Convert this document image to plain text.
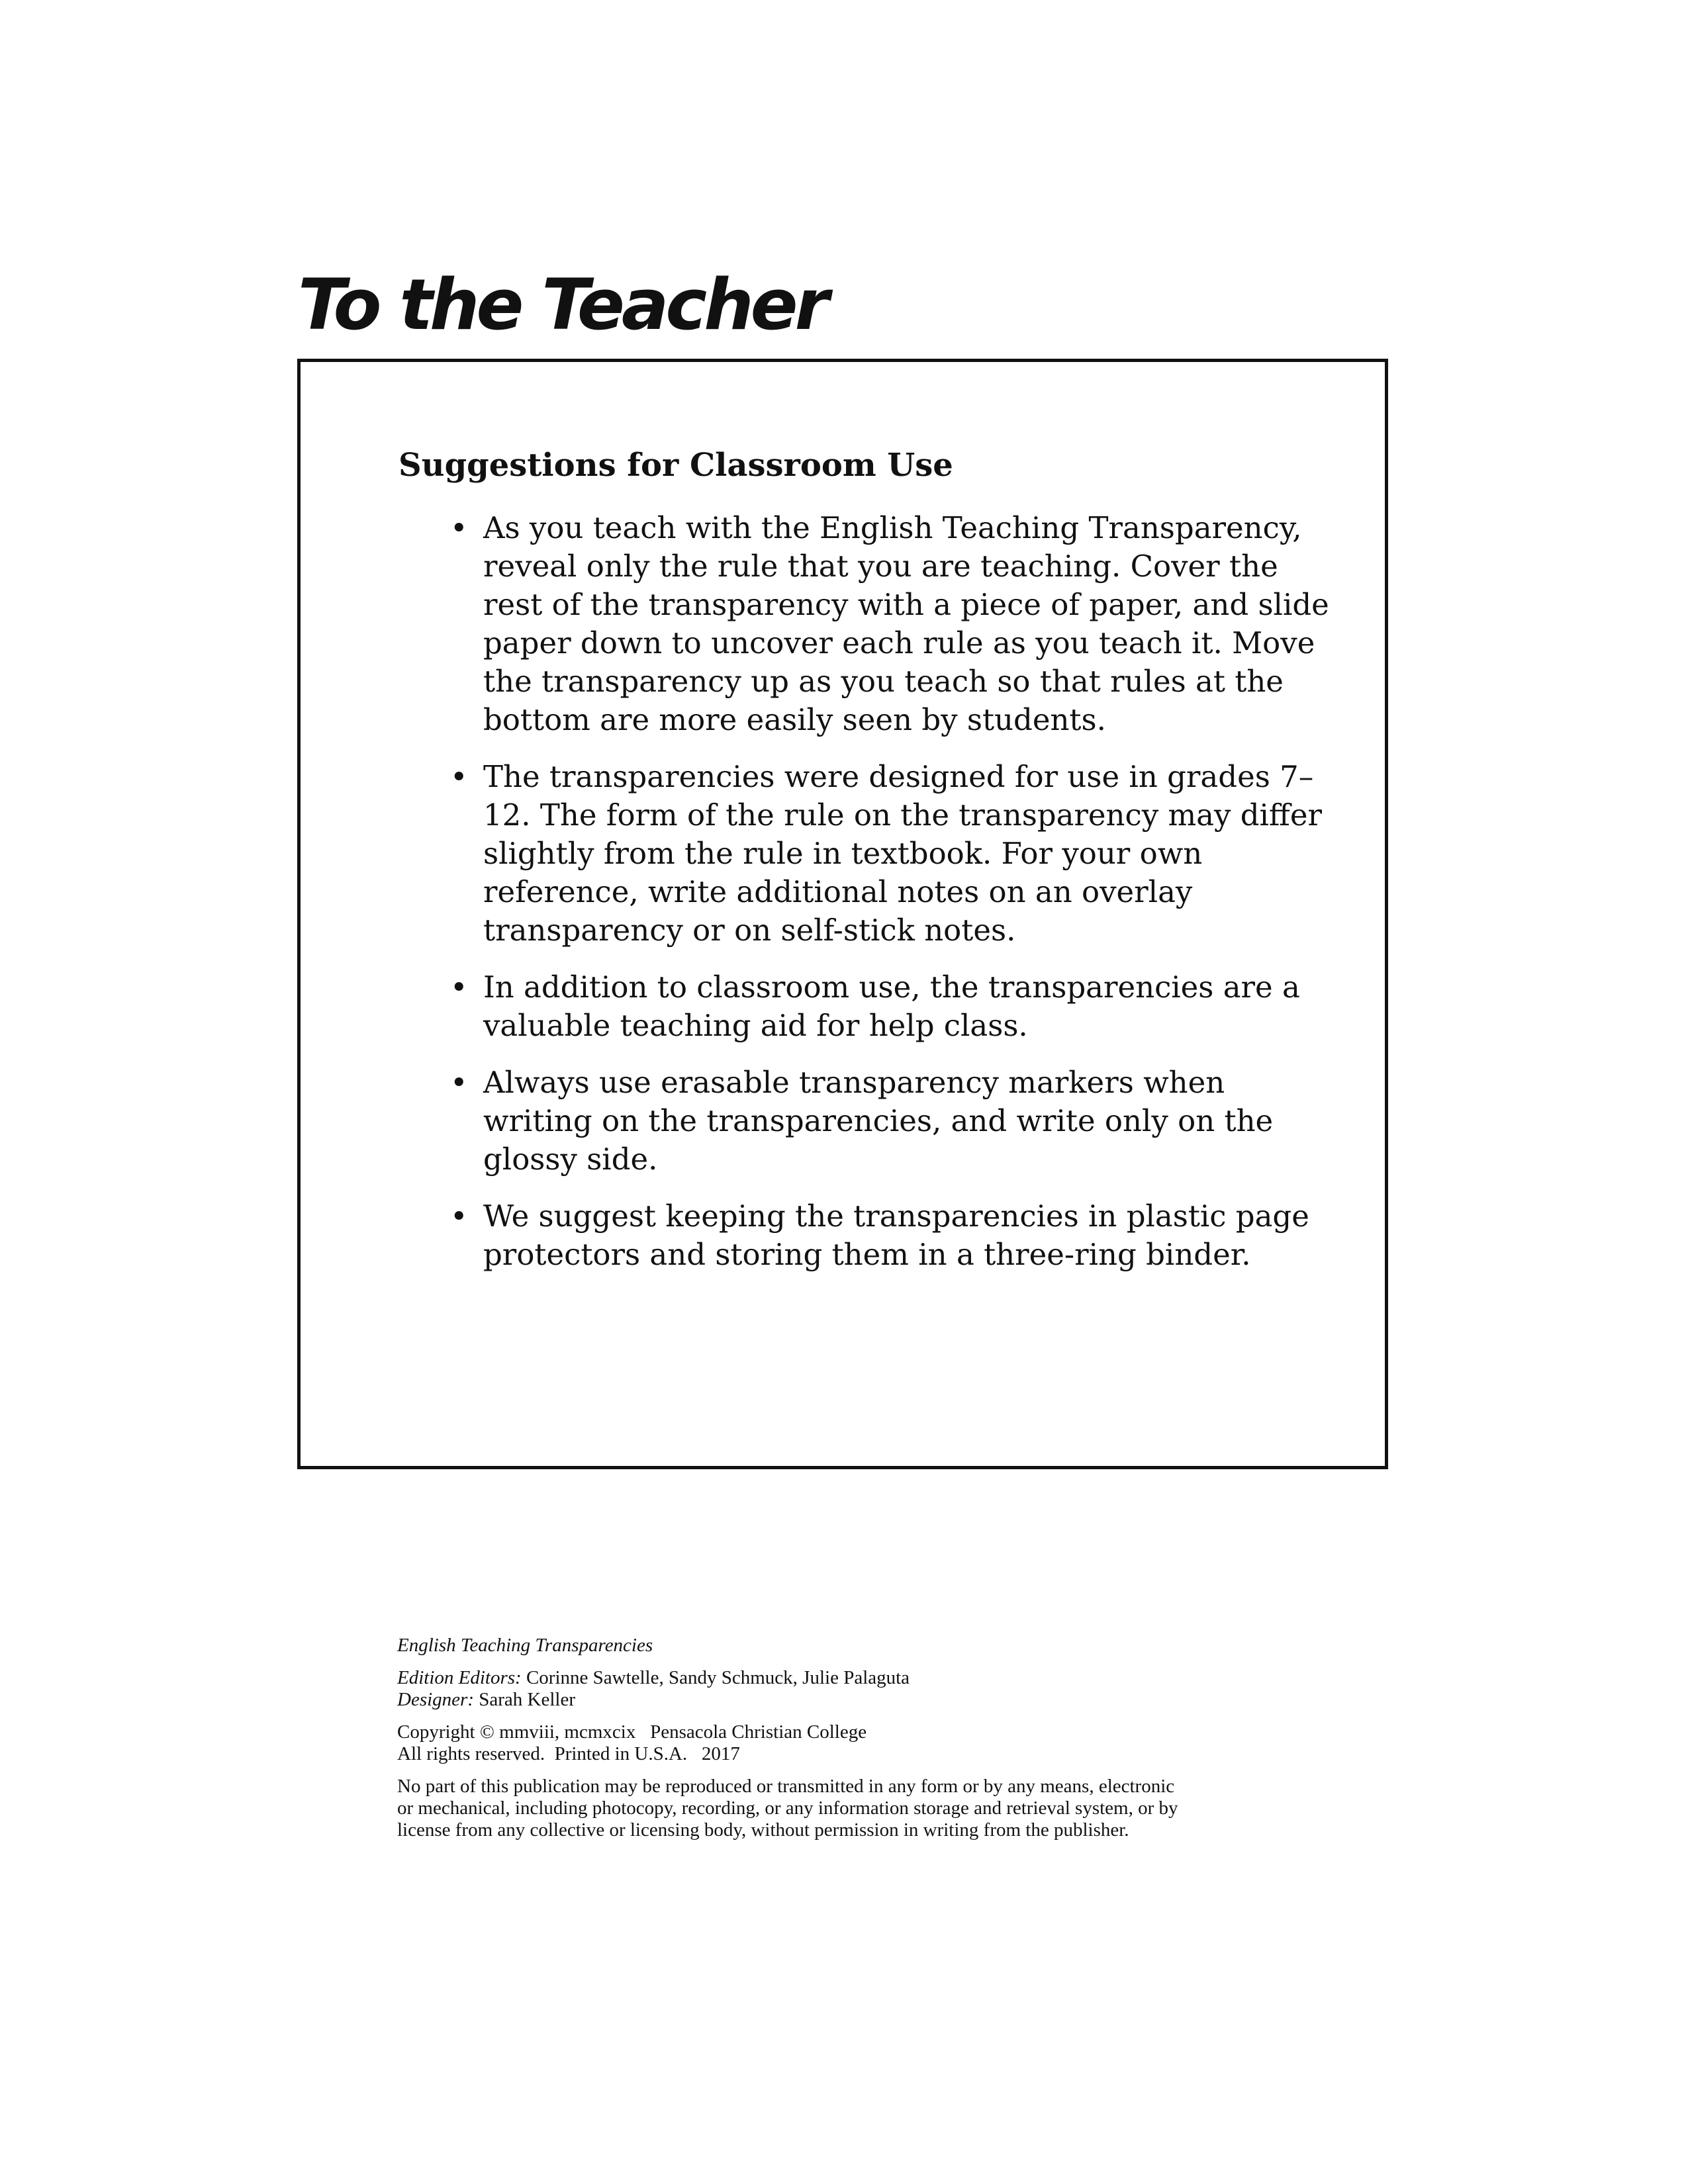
To the Teacher
Suggestions for Classroom Use
• As you teach with the English Teaching Transparency, reveal only the rule that you are teaching. Cover the rest of the transparency with a piece of paper, and slide paper down to uncover each rule as you teach it. Move the transparency up as you teach so that rules at the bottom are more easily seen by students.
• The transparencies were designed for use in grades 7–12. The form of the rule on the transparency may differ slightly from the rule in textbook. For your own reference, write additional notes on an overlay transparency or on self-stick notes.
• In addition to classroom use, the transparencies are a valuable teaching aid for help class.
• Always use erasable transparency markers when writing on the transparencies, and write only on the glossy side.
• We suggest keeping the transparencies in plastic page protectors and storing them in a three-ring binder.

English Teaching Transparencies

Edition Editors: Corinne Sawtelle, Sandy Schmuck, Julie Palaguta

Designer: Sarah Keller

Copyright © mmviii, mcmxcix   Pensacola Christian College

All rights reserved.  Printed in U.S.A.   2017

No part of this publication may be reproduced or transmitted in any form or by any means, electronic or mechanical, including photocopy, recording, or any information storage and retrieval system, or by license from any collective or licensing body, without permission in writing from the publisher.
